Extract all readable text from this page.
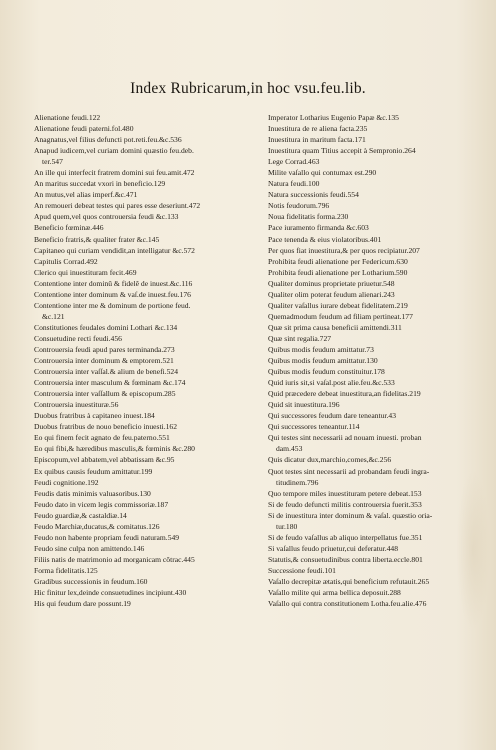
Index Rubricarum,in hoc vsu.feu.lib.
Alienatione feudi.122
Alienatione feudi paterni.fol.480
Anagnatus,vel filius defuncti pot.reti.feu.&c.536
Anapud iudicem,vel curiam domini quæstio feu.deb.
ter.547
An ille qui interfecit fratrem domini sui feu.amit.472
An maritus succedat vxori in beneficio.129
An mutus,vel alias imperf.&c.471
An remoueri debeat testes qui pares esse deseriunt.472
Apud quem,vel quos controuersia feudi &c.133
Beneficio fœminæ.446
Beneficio fratris,& qualiter frater &c.145
Capitaneo qui curiam vendidit,an intelligatur &c.572
Capitulis Corrad.492
Clerico qui inuestituram fecit.469
Contentione inter dominũ & fidelẽ de inuest.&c.116
Contentione inter dominum & vaſ.de inuest.feu.176
Contentione inter me & dominum de portione feud.
&c.121
Constitutiones feudales domini Lothari &c.134
Consuetudine recti feudi.456
Controuersia feudi apud pares terminanda.273
Controuersia inter dominum & emptorem.521
Controuersia inter vaſſal.& alium de benefi.524
Controuersia inter masculum & fœminam &c.174
Controuersia inter vaſſallum & episcopum.285
Controuersia inuestituræ.56
Duobus fratribus à capitaneo inuest.184
Duobus fratribus de nouo beneficio inuesti.162
Eo qui finem fecit agnato de feu.paterno.551
Eo qui fibi,& hæredibus masculis,& fœminis &c.280
Episcopum,vel abbatem,vel abbatissam &c.95
Ex quibus causis feudum amittatur.199
Feudi cognitione.192
Feudis datis minimis valuasoribus.130
Feudo dato in vicem legis commissoriæ.187
Feudo guardiæ,& castaldiæ.14
Feudo Marchiæ,ducatus,& comitatus.126
Feudo non habente propriam feudi naturam.549
Feudo sine culpa non amittendo.146
Filiis natis de matrimonio ad morganicam cõtrac.445
Forma fidelitatis.125
Gradibus successionis in feudum.160
Hic finitur lex,deinde consuetudines incipiunt.430
His qui feudum dare possunt.19
Imperator Lotharius Eugenio Papæ &c.135
Inuestitura de re aliena facta.235
Inuestitura in maritum facta.171
Inuestitura quam Titius accepit à Sempronio.264
Lege Corrad.463
Milite vaſallo qui contumax est.290
Natura feudi.100
Natura successionis feudi.554
Notis feudorum.796
Noua fidelitatis forma.230
Pace iuramento firmanda &c.603
Pace tenenda & eius violatoribus.401
Per quos fiat inuestitura,& per quos recipiatur.207
Prohibita feudi alienatione per Federicum.630
Prohibita feudi alienatione per Lotharium.590
Qualiter dominus proprietate priuetur.548
Qualiter olim poterat feudum alienari.243
Qualiter vaſallus iurare debeat fidelitatem.219
Quemadmodum feudum ad filiam pertineat.177
Quæ sit prima causa beneficii amittendi.311
Quæ sint regalia.727
Quibus modis feudum amittatur.73
Quibus modis feudum amittatur.130
Quibus modis feudum constituitur.178
Quid iuris sit,si vaſal.post alie.feu.&c.533
Quid præcedere debeat inuestitura,an fidelitas.219
Quid sit inuestitura.196
Qui successores feudum dare teneantur.43
Qui successores teneantur.114
Qui testes sint necessarii ad nouam inuesti. proban
dam.453
Quis dicatur dux,marchio,comes,&c.256
Quot testes sint necessarii ad probandam feudi ingra-
titudinem.796
Quo tempore miles inuestituram petere debeat.153
Si de feudo defuncti militis controuersia fuerit.353
Si de inuestitura inter dominum & vaſal. quæstio oria-
tur.180
Si de feudo vaſallus ab aliquo interpellatus fue.351
Si vaſallus feudo priuetur,cui deferatur.448
Statutis,& consuetudinibus contra liberta.eccle.801
Successione feudi.101
Vaſallo decrepitæ ætatis,qui beneficium refutauit.265
Vaſallo milite qui arma bellica deposuit.288
Vaſallo qui contra constitutionem Lotha.feu.alie.476
